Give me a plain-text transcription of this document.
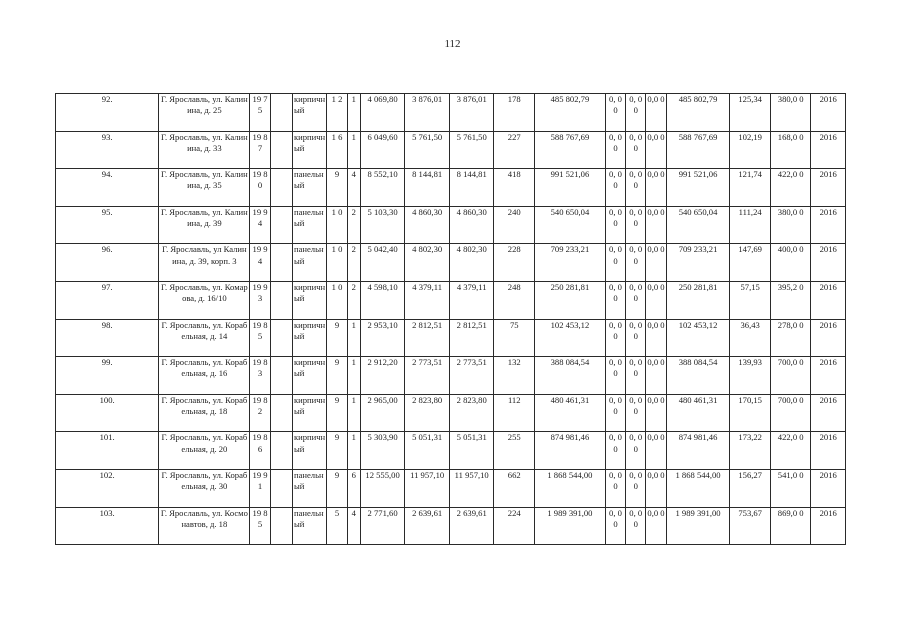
112
92.	Г. Ярославль, ул. Калинина, д. 25	19 75		кирпичн ый	1 2	1	4 069,80	3 876,01	3 876,01	178	485 802,79	0, 0 0	0, 0 0	0,0 0	485 802,79	125,34	380,0 0	2016
93.	Г. Ярославль, ул. Калинина, д. 33	19 87		кирпичн ый	1 6	1	6 049,60	5 761,50	5 761,50	227	588 767,69	0, 0 0	0, 0 0	0,0 0	588 767,69	102,19	168,0 0	2016
94.	Г. Ярославль, ул. Калинина, д. 35	19 80		панельн ый	9	4	8 552,10	8 144,81	8 144,81	418	991 521,06	0, 0 0	0, 0 0	0,0 0	991 521,06	121,74	422,0 0	2016
95.	Г. Ярославль, ул. Калинина, д. 39	19 94		панельн ый	1 0	2	5 103,30	4 860,30	4 860,30	240	540 650,04	0, 0 0	0, 0 0	0,0 0	540 650,04	111,24	380,0 0	2016
96.	Г. Ярославль, ул Калинина, д. 39, корп. 3	19 94		панельн ый	1 0	2	5 042,40	4 802,30	4 802,30	228	709 233,21	0, 0 0	0, 0 0	0,0 0	709 233,21	147,69	400,0 0	2016
97.	Г. Ярославль, ул. Комарова, д. 16/10	19 93		кирпичн ый	1 0	2	4 598,10	4 379,11	4 379,11	248	250 281,81	0, 0 0	0, 0 0	0,0 0	250 281,81	57,15	395,2 0	2016
98.	Г. Ярославль, ул. Корабельная, д. 14	19 85		кирпичн ый	9	1	2 953,10	2 812,51	2 812,51	75	102 453,12	0, 0 0	0, 0 0	0,0 0	102 453,12	36,43	278,0 0	2016
99.	Г. Ярославль, ул. Корабельная, д. 16	19 83		кирпичн ый	9	1	2 912,20	2 773,51	2 773,51	132	388 084,54	0, 0 0	0, 0 0	0,0 0	388 084,54	139,93	700,0 0	2016
100.	Г. Ярославль, ул. Корабельная, д. 18	19 82		кирпичн ый	9	1	2 965,00	2 823,80	2 823,80	112	480 461,31	0, 0 0	0, 0 0	0,0 0	480 461,31	170,15	700,0 0	2016
101.	Г. Ярославль, ул. Корабельная, д. 20	19 86		кирпичн ый	9	1	5 303,90	5 051,31	5 051,31	255	874 981,46	0, 0 0	0, 0 0	0,0 0	874 981,46	173,22	422,0 0	2016
102.	Г. Ярославль, ул. Корабельная, д. 30	19 91		панельн ый	9	6	12 555,00	11 957,10	11 957,10	662	1 868 544,00	0, 0 0	0, 0 0	0,0 0	1 868 544,00	156,27	541,0 0	2016
103.	Г. Ярославль, ул. Космонавтов, д. 18	19 85		панельн ый	5	4	2 771,60	2 639,61	2 639,61	224	1 989 391,00	0, 0 0	0, 0 0	0,0 0	1 989 391,00	753,67	869,0 0	2016
